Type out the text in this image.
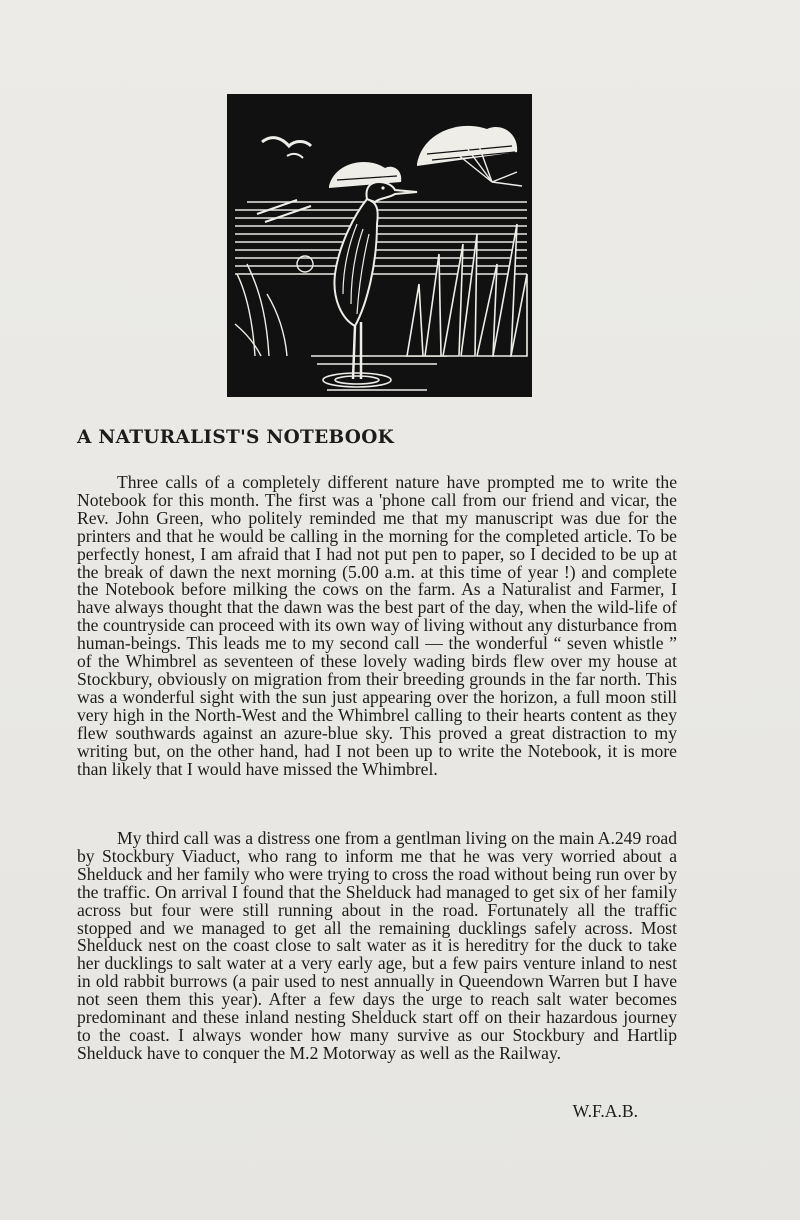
A NATURALIST'S NOTEBOOK

Three calls of a completely different nature have prompted me to write the Notebook for this month. The first was a 'phone call from our friend and vicar, the Rev. John Green, who politely reminded me that my manuscript was due for the printers and that he would be calling in the morning for the completed article. To be perfectly honest, I am afraid that I had not put pen to paper, so I decided to be up at the break of dawn the next morning (5.00 a.m. at this time of year !) and complete the Notebook before milking the cows on the farm. As a Naturalist and Farmer, I have always thought that the dawn was the best part of the day, when the wild-life of the countryside can proceed with its own way of living without any disturbance from human-beings. This leads me to my second call — the wonderful “ seven whistle ” of the Whimbrel as seventeen of these lovely wading birds flew over my house at Stockbury, obviously on migration from their breeding grounds in the far north. This was a wonderful sight with the sun just appearing over the horizon, a full moon still very high in the North-West and the Whimbrel calling to their hearts content as they flew southwards against an azure-blue sky. This proved a great distraction to my writing but, on the other hand, had I not been up to write the Notebook, it is more than likely that I would have missed the Whimbrel.

My third call was a distress one from a gentlman living on the main A.249 road by Stockbury Viaduct, who rang to inform me that he was very worried about a Shelduck and her family who were trying to cross the road without being run over by the traffic. On arrival I found that the Shelduck had managed to get six of her family across but four were still running about in the road. Fortunately all the traffic stopped and we managed to get all the remaining ducklings safely across. Most Shelduck nest on the coast close to salt water as it is hereditry for the duck to take her ducklings to salt water at a very early age, but a few pairs venture inland to nest in old rabbit burrows (a pair used to nest annually in Queendown Warren but I have not seen them this year). After a few days the urge to reach salt water becomes predominant and these inland nesting Shelduck start off on their hazardous journey to the coast. I always wonder how many survive as our Stockbury and Hartlip Shelduck have to conquer the M.2 Motorway as well as the Railway.

W.F.A.B.
